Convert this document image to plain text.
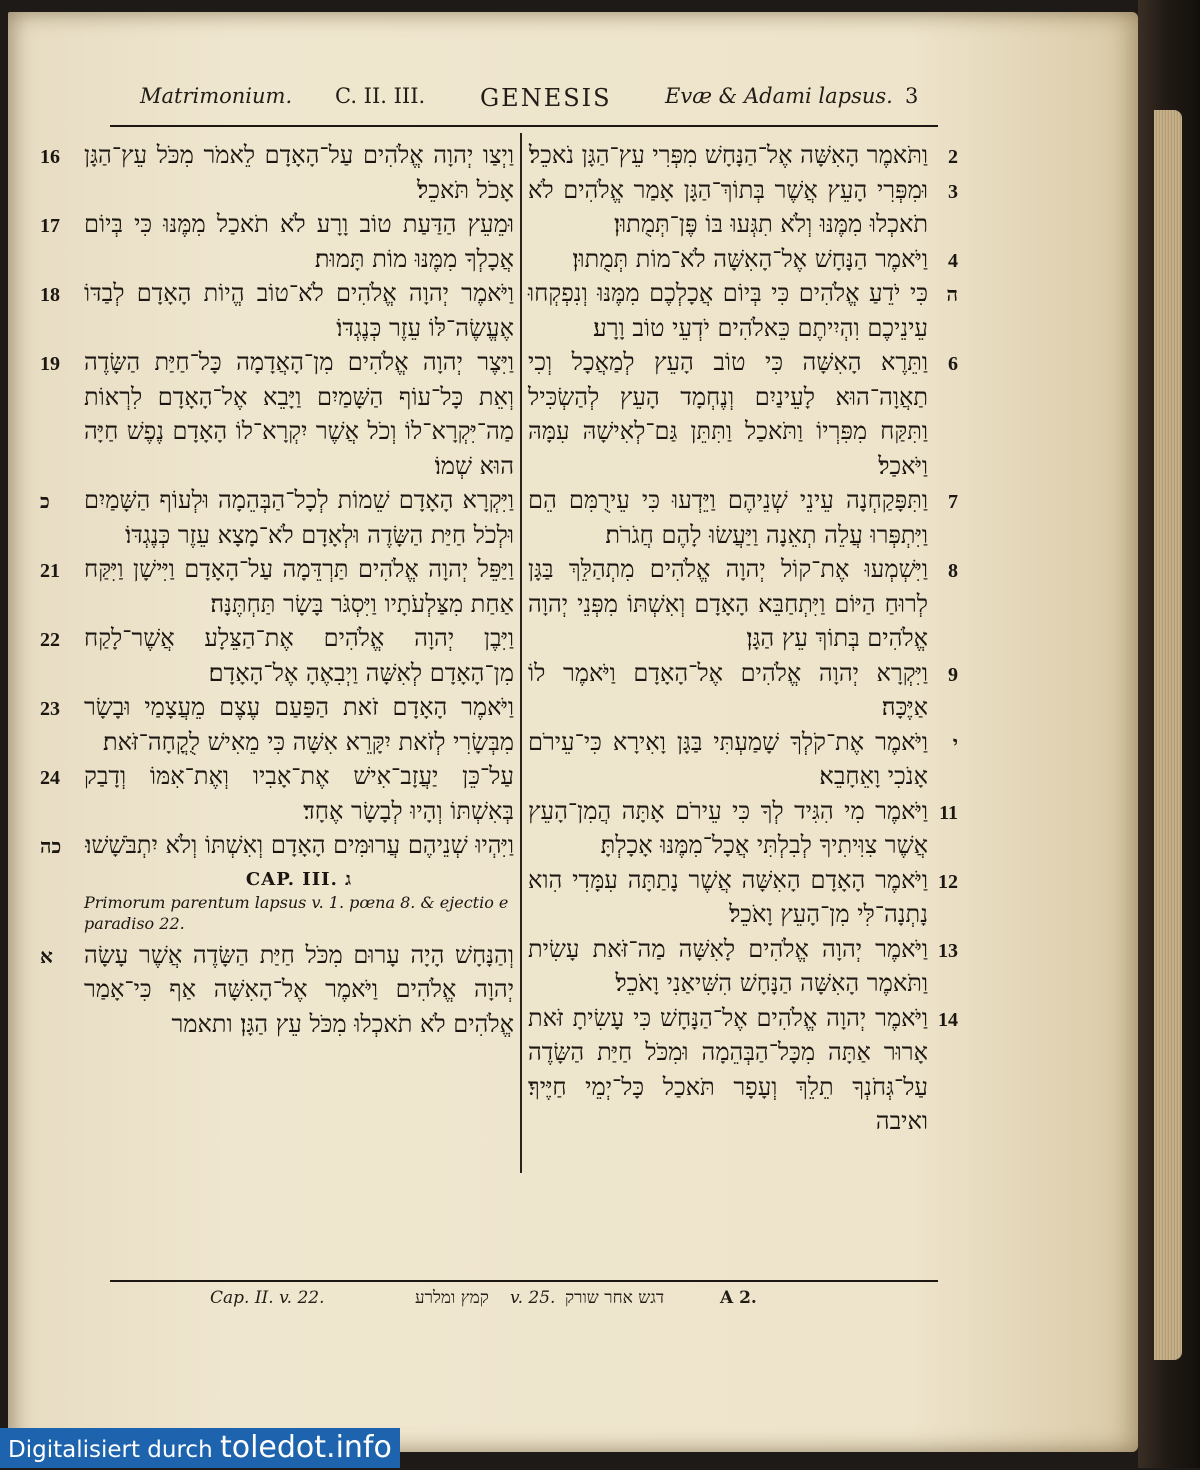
Matrimonium. C. II. III. GENESIS	Evæ & Adami lapsus. 3

16 וַיְצַו יְהוָה אֱלֹהִים עַל־הָאָדָם לֵאמֹר מִכֹּל עֵץ־הַגָּן אָכֹל תֹּאכֵל׃

17 וּמֵעֵץ הַדַּעַת טוֹב וָרָע לֹא תֹאכַל מִמֶּנּוּ כִּי בְּיוֹם אֲכָלְךָ מִמֶּנּוּ מוֹת תָּמוּת׃

18 וַיֹּאמֶר יְהוָה אֱלֹהִים לֹא־טוֹב הֱיוֹת הָאָדָם לְבַדּוֹ אֶעֱשֶׂה־לּוֹ עֵזֶר כְּנֶגְדּוֹ׃

19 וַיִּצֶר יְהוָה אֱלֹהִים מִן־הָאֲדָמָה כָּל־חַיַּת הַשָּׂדֶה וְאֵת כָּל־עוֹף הַשָּׁמַיִם וַיָּבֵא אֶל־הָאָדָם לִרְאוֹת מַה־יִּקְרָא־לוֹ וְכֹל אֲשֶׁר יִקְרָא־לוֹ הָאָדָם נֶפֶשׁ חַיָּה הוּא שְׁמוֹ׃

כ וַיִּקְרָא הָאָדָם שֵׁמוֹת לְכָל־הַבְּהֵמָה וּלְעוֹף הַשָּׁמַיִם וּלְכֹל חַיַּת הַשָּׂדֶה וּלְאָדָם לֹא־מָצָא עֵזֶר כְּנֶגְדּוֹ׃

21 וַיַּפֵּל יְהוָה אֱלֹהִים תַּרְדֵּמָה עַל־הָאָדָם וַיִּישָׁן וַיִּקַּח אַחַת מִצַּלְעֹתָיו וַיִּסְגֹּר בָּשָׂר תַּחְתֶּנָּה׃

22 וַיִּבֶן יְהוָה אֱלֹהִים אֶת־הַצֵּלָע אֲשֶׁר־לָקַח מִן־הָאָדָם לְאִשָּׁה וַיְבִאֶהָ אֶל־הָאָדָם׃

23 וַיֹּאמֶר הָאָדָם זֹאת הַפַּעַם עֶצֶם מֵעֲצָמַי וּבָשָׂר מִבְּשָׂרִי לְזֹאת יִקָּרֵא אִשָּׁה כִּי מֵאִישׁ לֻקֳחָה־זֹּאת׃

24 עַל־כֵּן יַעֲזָב־אִישׁ אֶת־אָבִיו וְאֶת־אִמּוֹ וְדָבַק בְּאִשְׁתּוֹ וְהָיוּ לְבָשָׂר אֶחָד׃

כה וַיִּהְיוּ שְׁנֵיהֶם עֲרוּמִּים הָאָדָם וְאִשְׁתּוֹ וְלֹא יִתְבֹּשָׁשׁוּ׃

CAP. III. ג
Primorum parentum lapsus v. 1. pœna 8. & ejectio e paradiso 22.

א וְהַנָּחָשׁ הָיָה עָרוּם מִכֹּל חַיַּת הַשָּׂדֶה אֲשֶׁר עָשָׂה יְהוָה אֱלֹהִים וַיֹּאמֶר אֶל־הָאִשָּׁה אַף כִּי־אָמַר אֱלֹהִים לֹא תֹאכְלוּ מִכֹּל עֵץ הַגָּן׃ ותאמר

2
וַתֹּאמֶר הָאִשָּׁה אֶל־הַנָּחָשׁ מִפְּרִי עֵץ־הַגָּן נֹאכֵל׃

3
וּמִפְּרִי הָעֵץ אֲשֶׁר בְּתוֹךְ־הַגָּן אָמַר אֱלֹהִים לֹא תֹאכְלוּ מִמֶּנּוּ וְלֹא תִגְּעוּ בּוֹ פֶּן־תְּמֻתוּן׃

4
וַיֹּאמֶר הַנָּחָשׁ אֶל־הָאִשָּׁה לֹא־מוֹת תְּמֻתוּן׃

ה
כִּי יֹדֵעַ אֱלֹהִים כִּי בְּיוֹם אֲכָלְכֶם מִמֶּנּוּ וְנִפְקְחוּ עֵינֵיכֶם וִהְיִיתֶם כֵּאלֹהִים יֹדְעֵי טוֹב וָרָע׃

6
וַתֵּרֶא הָאִשָּׁה כִּי טוֹב הָעֵץ לְמַאֲכָל וְכִי תַאֲוָה־הוּא לָעֵינַיִם וְנֶחְמָד הָעֵץ לְהַשְׂכִּיל וַתִּקַּח מִפִּרְיוֹ וַתֹּאכַל וַתִּתֵּן גַּם־לְאִישָׁהּ עִמָּהּ וַיֹּאכַל׃

7
וַתִּפָּקַחְנָה עֵינֵי שְׁנֵיהֶם וַיֵּדְעוּ כִּי עֵירֻמִּם הֵם וַיִּתְפְּרוּ עֲלֵה תְאֵנָה וַיַּעֲשׂוּ לָהֶם חֲגֹרֹת׃

8
וַיִּשְׁמְעוּ אֶת־קוֹל יְהוָה אֱלֹהִים מִתְהַלֵּךְ בַּגָּן לְרוּחַ הַיּוֹם וַיִּתְחַבֵּא הָאָדָם וְאִשְׁתּוֹ מִפְּנֵי יְהוָה אֱלֹהִים בְּתוֹךְ עֵץ הַגָּן׃

9
וַיִּקְרָא יְהוָה אֱלֹהִים אֶל־הָאָדָם וַיֹּאמֶר לוֹ אַיֶּכָּה׃

י
וַיֹּאמֶר אֶת־קֹלְךָ שָׁמַעְתִּי בַּגָּן וָאִירָא כִּי־עֵירֹם אָנֹכִי וָאֵחָבֵא׃

11
וַיֹּאמֶר מִי הִגִּיד לְךָ כִּי עֵירֹם אָתָּה הֲמִן־הָעֵץ אֲשֶׁר צִוִּיתִיךָ לְבִלְתִּי אֲכָל־מִמֶּנּוּ אָכָלְתָּ׃

12
וַיֹּאמֶר הָאָדָם הָאִשָּׁה אֲשֶׁר נָתַתָּה עִמָּדִי הִוא נָתְנָה־לִּי מִן־הָעֵץ וָאֹכֵל׃

13
וַיֹּאמֶר יְהוָה אֱלֹהִים לָאִשָּׁה מַה־זֹּאת עָשִׂית וַתֹּאמֶר הָאִשָּׁה הַנָּחָשׁ הִשִּׁיאַנִי וָאֹכֵל׃

14
וַיֹּאמֶר יְהוָה אֱלֹהִים אֶל־הַנָּחָשׁ כִּי עָשִׂיתָ זֹּאת אָרוּר אַתָּה מִכָּל־הַבְּהֵמָה וּמִכֹּל חַיַּת הַשָּׂדֶה עַל־גְּחֹנְךָ תֵלֵךְ וְעָפָר תֹּאכַל כָּל־יְמֵי חַיֶּיךָ׃ ואיבה

Cap. II. v. 22.	קמץ ומלרע v. 25. דגש אחר שורק	A 2.
Digitalisiert durch toledot.info
